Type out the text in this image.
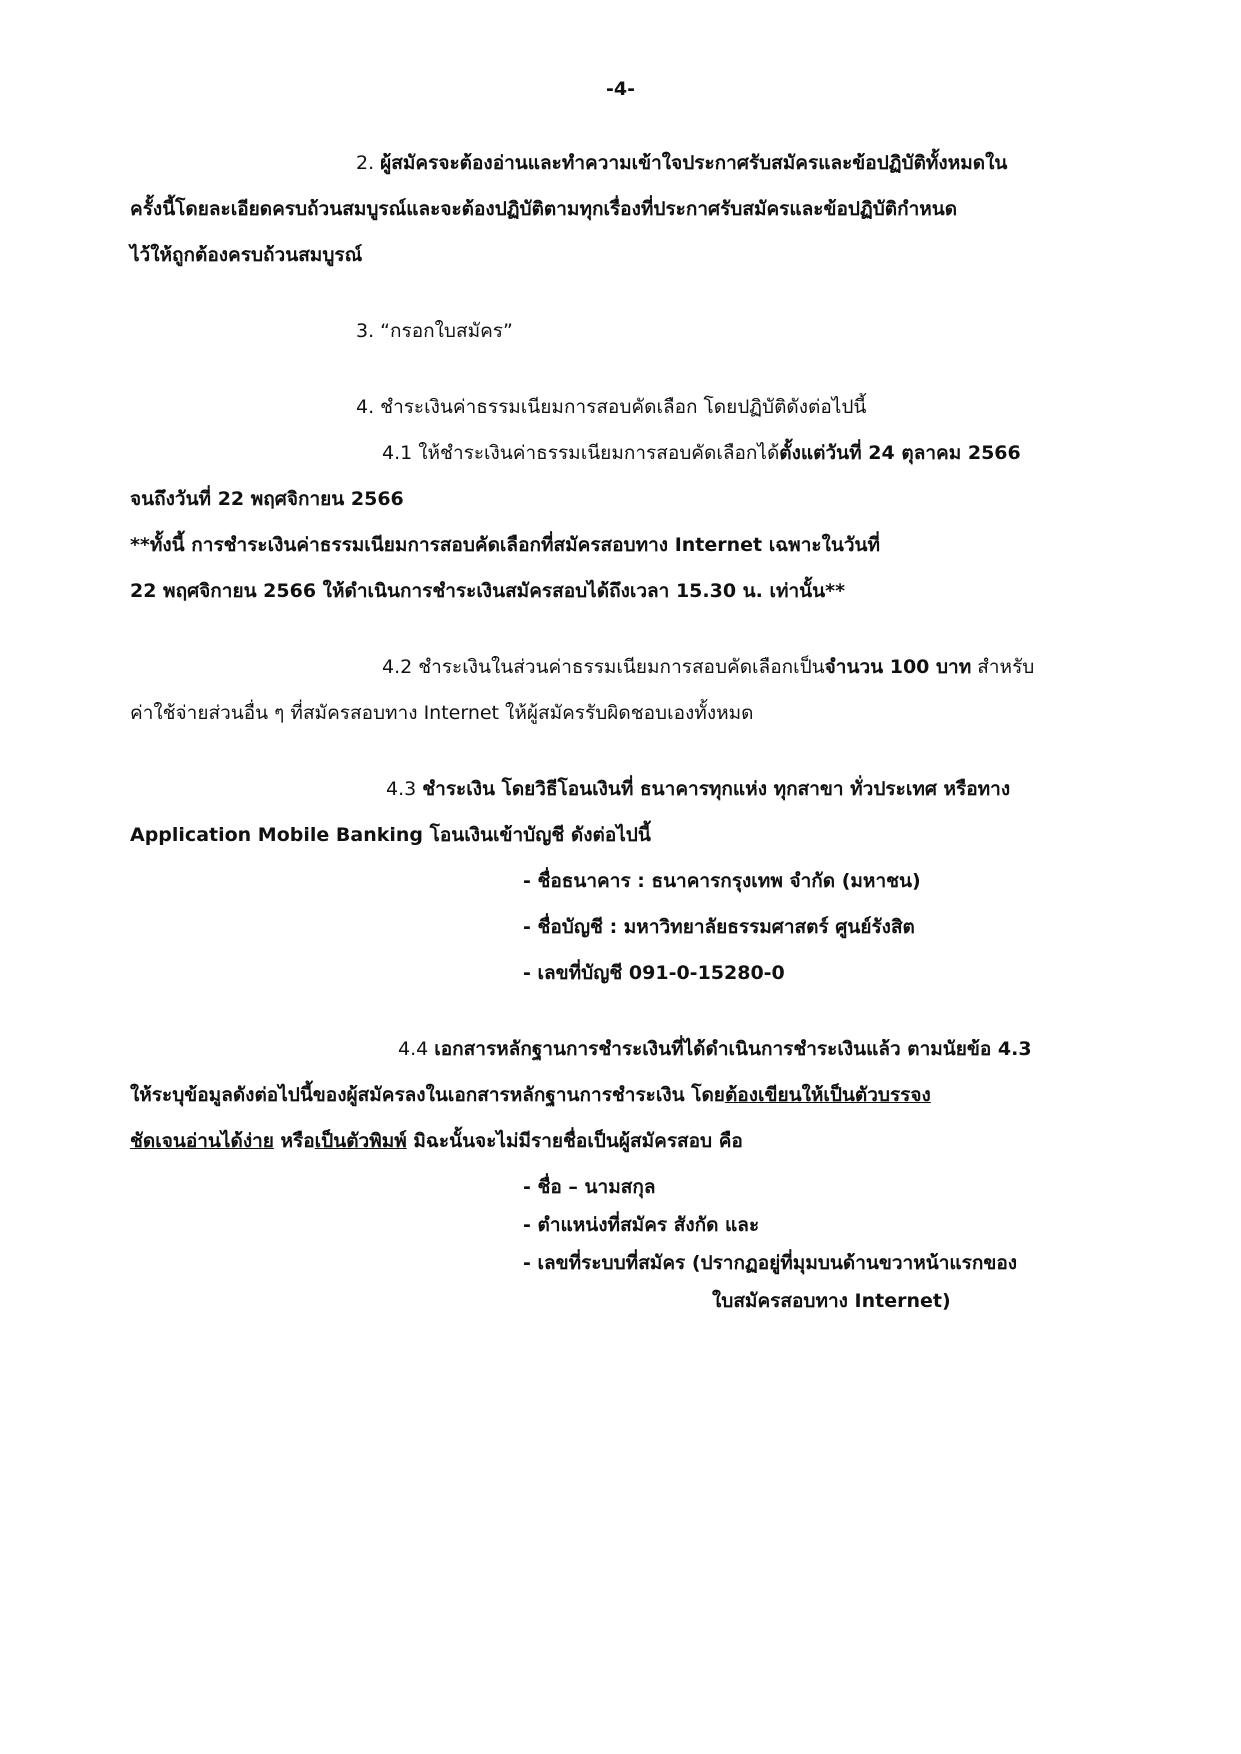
-4-
2. ผู้สมัครจะต้องอ่านและทำความเข้าใจประกาศรับสมัครและข้อปฏิบัติทั้งหมดใน
ครั้งนี้โดยละเอียดครบถ้วนสมบูรณ์และจะต้องปฏิบัติตามทุกเรื่องที่ประกาศรับสมัครและข้อปฏิบัติกำหนด
ไว้ให้ถูกต้องครบถ้วนสมบูรณ์
3. “กรอกใบสมัคร”
4. ชำระเงินค่าธรรมเนียมการสอบคัดเลือก โดยปฏิบัติดังต่อไปนี้
4.1 ให้ชำระเงินค่าธรรมเนียมการสอบคัดเลือกได้ตั้งแต่วันที่ 24 ตุลาคม 2566
จนถึงวันที่ 22 พฤศจิกายน 2566
**ทั้งนี้ การชำระเงินค่าธรรมเนียมการสอบคัดเลือกที่สมัครสอบทาง Internet เฉพาะในวันที่
22 พฤศจิกายน 2566 ให้ดำเนินการชำระเงินสมัครสอบได้ถึงเวลา 15.30 น. เท่านั้น**
4.2 ชำระเงินในส่วนค่าธรรมเนียมการสอบคัดเลือกเป็นจำนวน 100 บาท สำหรับ
ค่าใช้จ่ายส่วนอื่น ๆ ที่สมัครสอบทาง Internet ให้ผู้สมัครรับผิดชอบเองทั้งหมด
4.3 ชำระเงิน โดยวิธีโอนเงินที่ ธนาคารทุกแห่ง ทุกสาขา ทั่วประเทศ หรือทาง
Application Mobile Banking โอนเงินเข้าบัญชี ดังต่อไปนี้
- ชื่อธนาคาร : ธนาคารกรุงเทพ จำกัด (มหาชน)
- ชื่อบัญชี : มหาวิทยาลัยธรรมศาสตร์ ศูนย์รังสิต
- เลขที่บัญชี 091-0-15280-0
4.4 เอกสารหลักฐานการชำระเงินที่ได้ดำเนินการชำระเงินแล้ว ตามนัยข้อ 4.3
ให้ระบุข้อมูลดังต่อไปนี้ของผู้สมัครลงในเอกสารหลักฐานการชำระเงิน โดยต้องเขียนให้เป็นตัวบรรจง
ชัดเจนอ่านได้ง่าย หรือเป็นตัวพิมพ์ มิฉะนั้นจะไม่มีรายชื่อเป็นผู้สมัครสอบ คือ
- ชื่อ – นามสกุล
- ตำแหน่งที่สมัคร สังกัด และ
- เลขที่ระบบที่สมัคร (ปรากฏอยู่ที่มุมบนด้านขวาหน้าแรกของ
ใบสมัครสอบทาง Internet)
